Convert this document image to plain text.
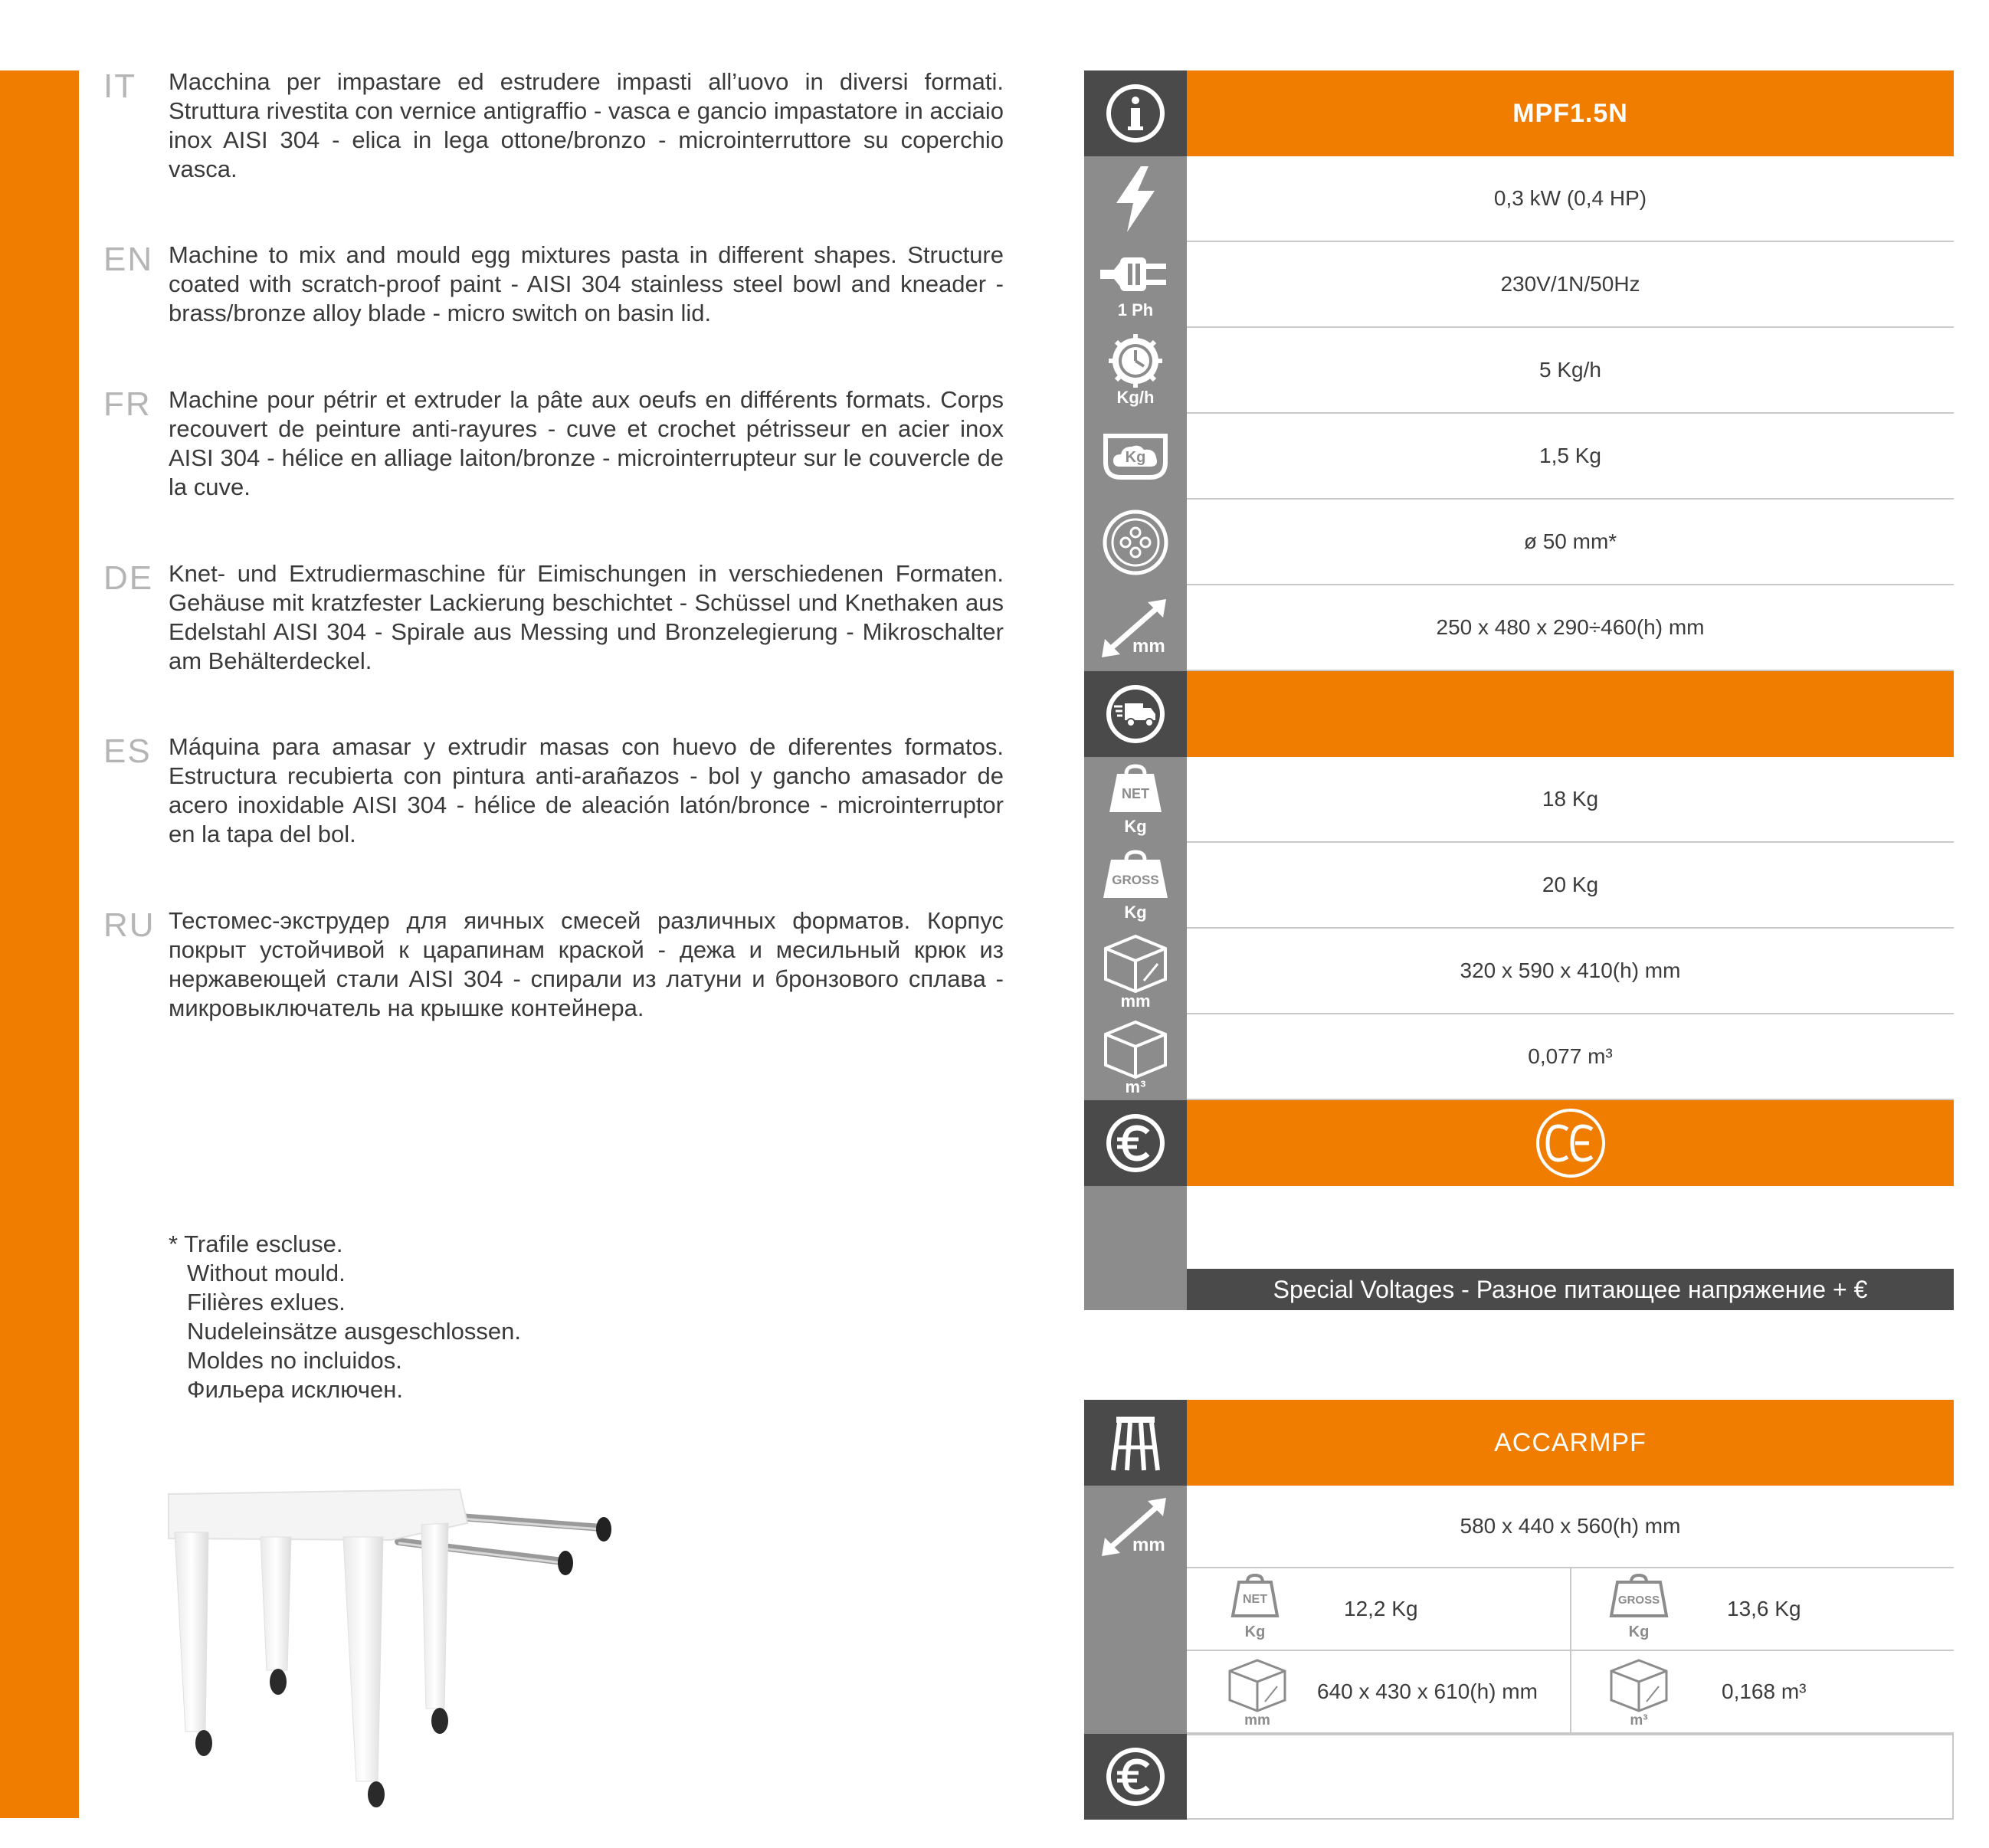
IT Macchina per impastare ed estrudere impasti all’uovo in diversi formati. Struttura rivestita con vernice antigraffio - vasca e gancio impastatore in acciaio inox AISI 304 - elica in lega ottone/bronzo - microinterruttore su coperchio vasca.
EN Machine to mix and mould egg mixtures pasta in different shapes. Structure coated with scratch-proof paint - AISI 304 stainless steel bowl and kneader - brass/bronze alloy blade - micro switch on basin lid.
FR Machine pour pétrir et extruder la pâte aux oeufs en différents formats. Corps recouvert de peinture anti-rayures - cuve et crochet pétrisseur en acier inox AISI 304 - hélice en alliage laiton/bronze - microinterrupteur sur le couvercle de la cuve.
DE Knet- und Extrudiermaschine für Eimischungen in verschiedenen Formaten. Gehäuse mit kratzfester Lackierung beschichtet - Schüssel und Knethaken aus Edelstahl AISI 304 - Spirale aus Messing und Bronzelegierung - Mikroschalter am Behälterdeckel.
ES Máquina para amasar y extrudir masas con huevo de diferentes formatos. Estructura recubierta con pintura anti-arañazos - bol y gancho amasador de acero inoxidable AISI 304 - hélice de aleación latón/bronce - microinterruptor en la tapa del bol.
RU Тестомес-экструдер для яичных смесей различных форматов. Корпус покрыт устойчивой к царапинам краской - дежа и месильный крюк из нержавеющей стали AISI 304 - спирали из латуни и бронзового сплава - микровыключатель на крышке контейнера.
* Trafile escluse.
Without mould.
Filières exlues.
Nudeleinsätze ausgeschlossen.
Moldes no incluidos.
Фильера исключен.
MPF1.5N
0,3 kW (0,4 HP)
1 Ph
230V/1N/50Hz
Kg/h
5 Kg/h
Kg	1,5 Kg
ø 50 mm*
mm
250 x 480 x 290÷460(h) mm
NET
Kg
18 Kg
GROSS
Kg
20 Kg
mm
320 x 590 x 410(h) mm
m³
0,077 m³
Special Voltages - Разное питающее напряжение + €
ACCARMPF
mm
580 x 440 x 560(h) mm
NET
Kg
12,2 Kg	GROSS
Kg
13,6 Kg
mm
640 x 430 x 610(h) mm
m³
0,168 m³
